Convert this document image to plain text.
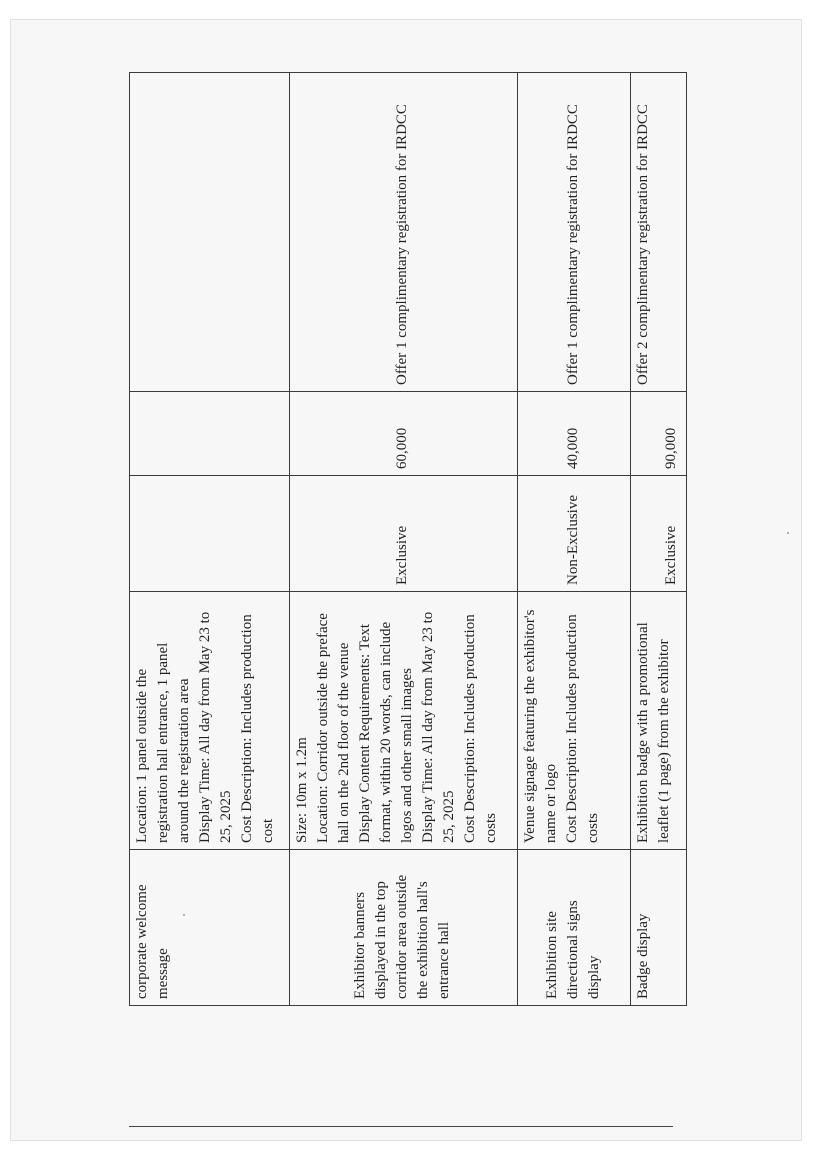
corporate welcome message	Location: 1 panel outside the registration hall entrance, 1 panel around the registration area Display Time: All day from May 23 to 25, 2025 Cost Description: Includes production cost			

Exhibitor banners displayed in the top corridor area outside the exhibition hall's entrance hall	Size: 10m x 1.2m Location: Corridor outside the preface hall on the 2nd floor of the venue Display Content Requirements: Text format, within 20 words, can include logos and other small images Display Time: All day from May 23 to 25, 2025 Cost Description: Includes production costs	Exclusive	60,000	Offer 1 complimentary registration for IRDCC
Exhibition site directional signs display	Venue signage featuring the exhibitor's name or logo Cost Description: Includes production costs	Non-Exclusive	40,000	Offer 1 complimentary registration for IRDCC
Badge display	Exhibition badge with a promotional leaflet (1 page) from the exhibitor	Exclusive	90,000	Offer 2 complimentary registration for IRDCC
